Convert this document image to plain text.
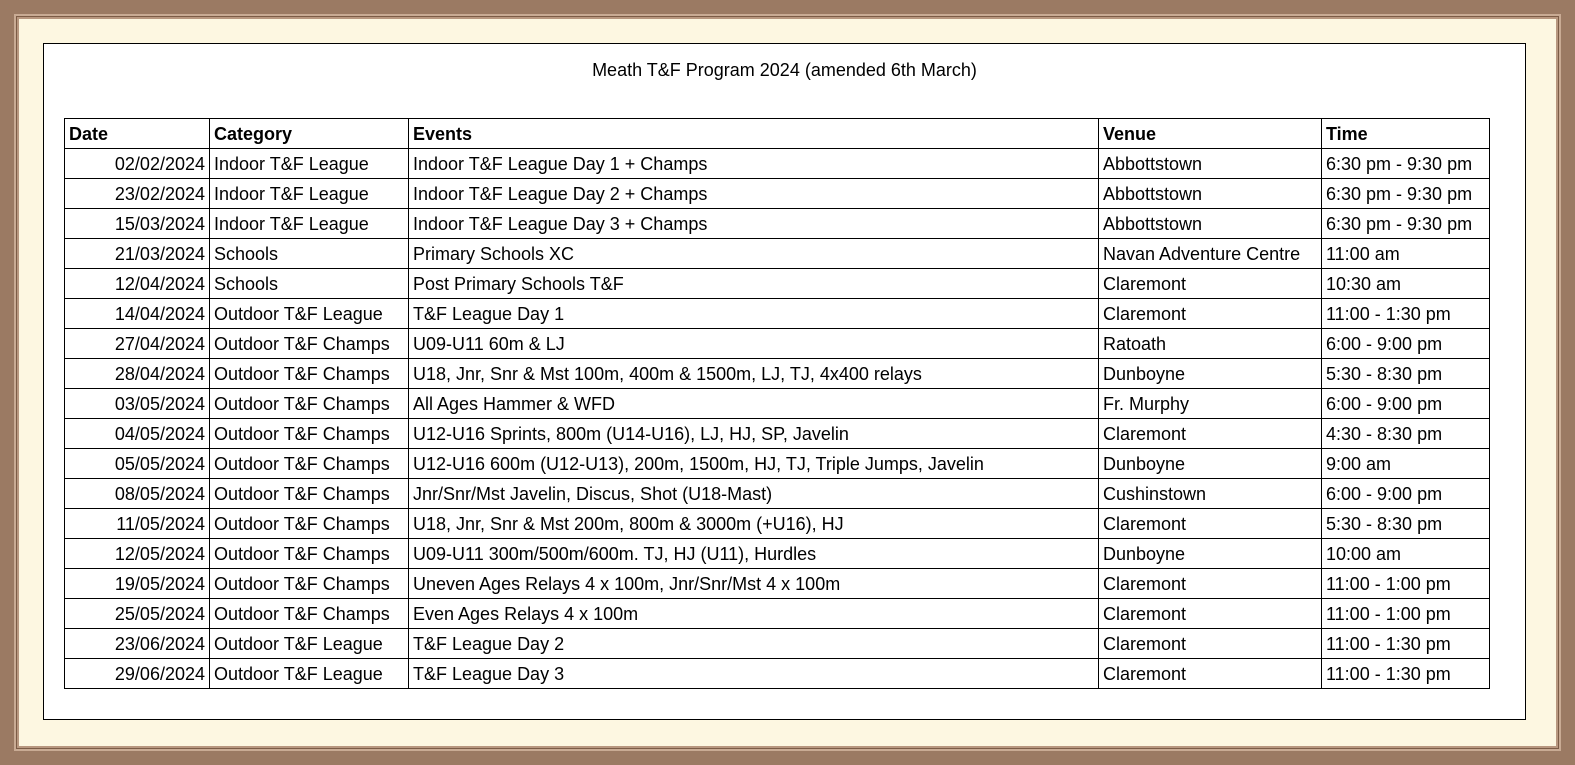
Meath T&F Program 2024 (amended 6th March)
Date	Category	Events	Venue	Time
02/02/2024	Indoor T&F League	Indoor T&F League Day 1 + Champs	Abbottstown	6:30 pm - 9:30 pm
23/02/2024	Indoor T&F League	Indoor T&F League Day 2 + Champs	Abbottstown	6:30 pm - 9:30 pm
15/03/2024	Indoor T&F League	Indoor T&F League Day 3 + Champs	Abbottstown	6:30 pm - 9:30 pm
21/03/2024	Schools	Primary Schools XC	Navan Adventure Centre	11:00 am
12/04/2024	Schools	Post Primary Schools T&F	Claremont	10:30 am
14/04/2024	Outdoor T&F League	T&F League Day 1	Claremont	11:00 - 1:30 pm
27/04/2024	Outdoor T&F Champs	U09-U11 60m & LJ	Ratoath	6:00 - 9:00 pm
28/04/2024	Outdoor T&F Champs	U18, Jnr, Snr & Mst 100m, 400m & 1500m, LJ, TJ, 4x400 relays	Dunboyne	5:30 - 8:30 pm
03/05/2024	Outdoor T&F Champs	All Ages Hammer & WFD	Fr. Murphy	6:00 - 9:00 pm
04/05/2024	Outdoor T&F Champs	U12-U16 Sprints, 800m (U14-U16), LJ, HJ, SP, Javelin	Claremont	4:30 - 8:30 pm
05/05/2024	Outdoor T&F Champs	U12-U16 600m (U12-U13), 200m, 1500m, HJ, TJ, Triple Jumps, Javelin	Dunboyne	9:00 am
08/05/2024	Outdoor T&F Champs	Jnr/Snr/Mst Javelin, Discus, Shot (U18-Mast)	Cushinstown	6:00 - 9:00 pm
11/05/2024	Outdoor T&F Champs	U18, Jnr, Snr & Mst 200m, 800m & 3000m (+U16), HJ	Claremont	5:30 - 8:30 pm
12/05/2024	Outdoor T&F Champs	U09-U11 300m/500m/600m. TJ, HJ (U11), Hurdles	Dunboyne	10:00 am
19/05/2024	Outdoor T&F Champs	Uneven Ages Relays 4 x 100m, Jnr/Snr/Mst 4 x 100m	Claremont	11:00 - 1:00 pm
25/05/2024	Outdoor T&F Champs	Even Ages Relays 4 x 100m	Claremont	11:00 - 1:00 pm
23/06/2024	Outdoor T&F League	T&F League Day 2	Claremont	11:00 - 1:30 pm
29/06/2024	Outdoor T&F League	T&F League Day 3	Claremont	11:00 - 1:30 pm
